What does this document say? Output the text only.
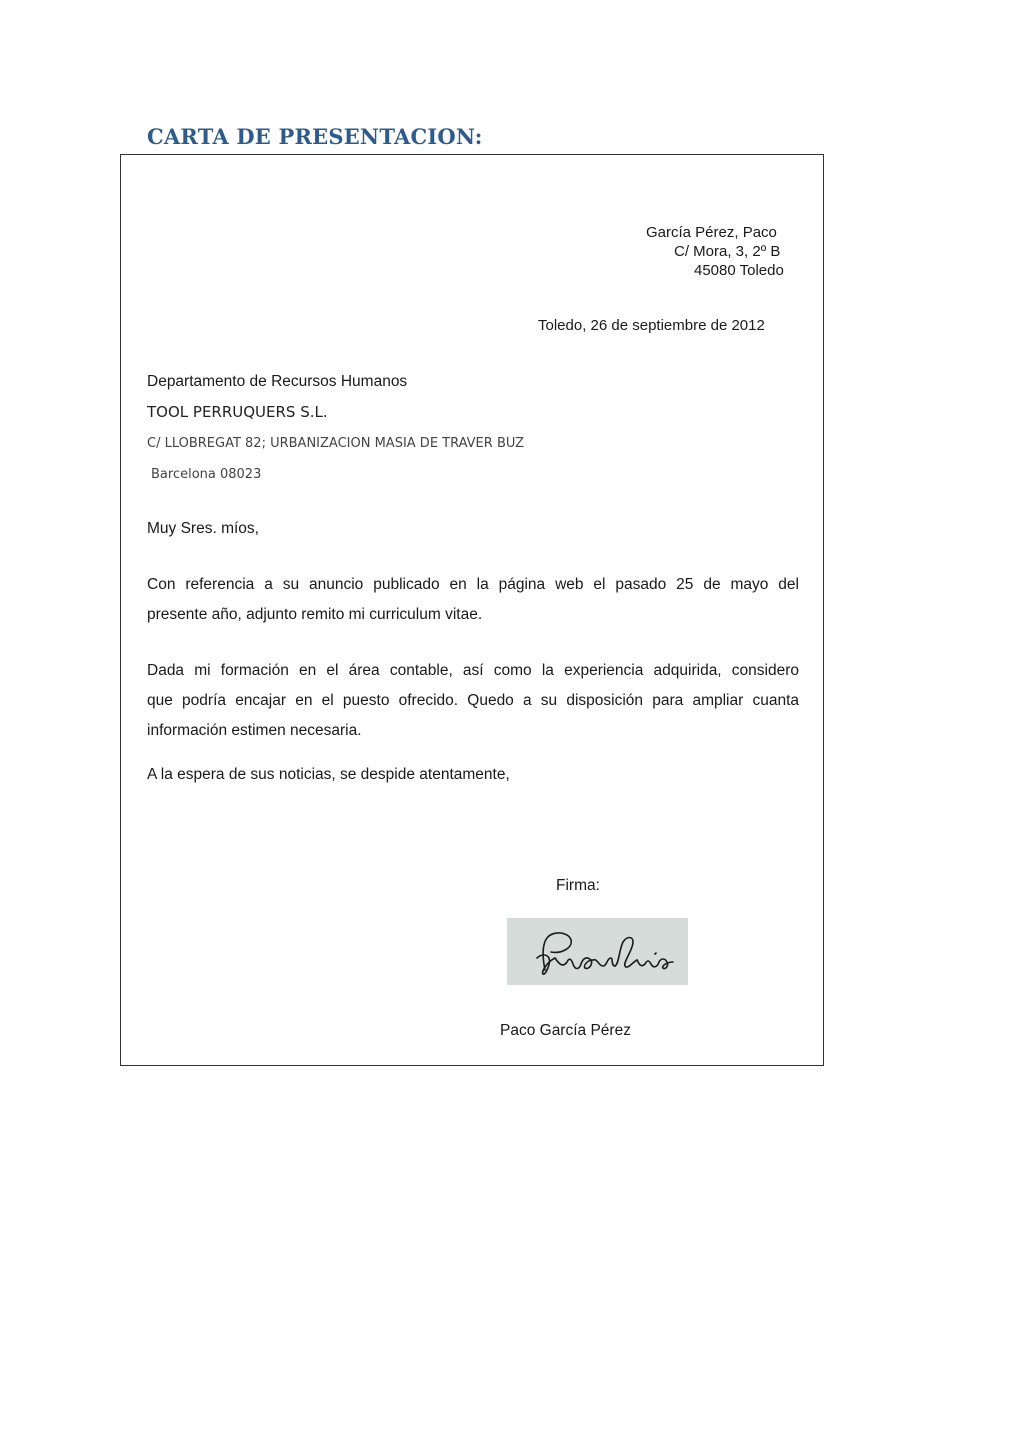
CARTA DE PRESENTACION:
García Pérez, Paco
C/ Mora, 3, 2º B
45080 Toledo
Toledo, 26 de septiembre de 2012
Departamento de Recursos Humanos
TOOL PERRUQUERS S.L.
C/ LLOBREGAT 82; URBANIZACION MASIA DE TRAVER BUZ
Barcelona 08023
Muy Sres. míos,
Con referencia a su anuncio publicado en la página web el pasado 25 de mayo del
presente año, adjunto remito mi curriculum vitae.
Dada mi formación en el área contable, así como la experiencia adquirida, considero
que podría encajar en el puesto ofrecido. Quedo a su disposición para ampliar cuanta
información estimen necesaria.
A la espera de sus noticias, se despide atentamente,
Firma:
Paco García Pérez
